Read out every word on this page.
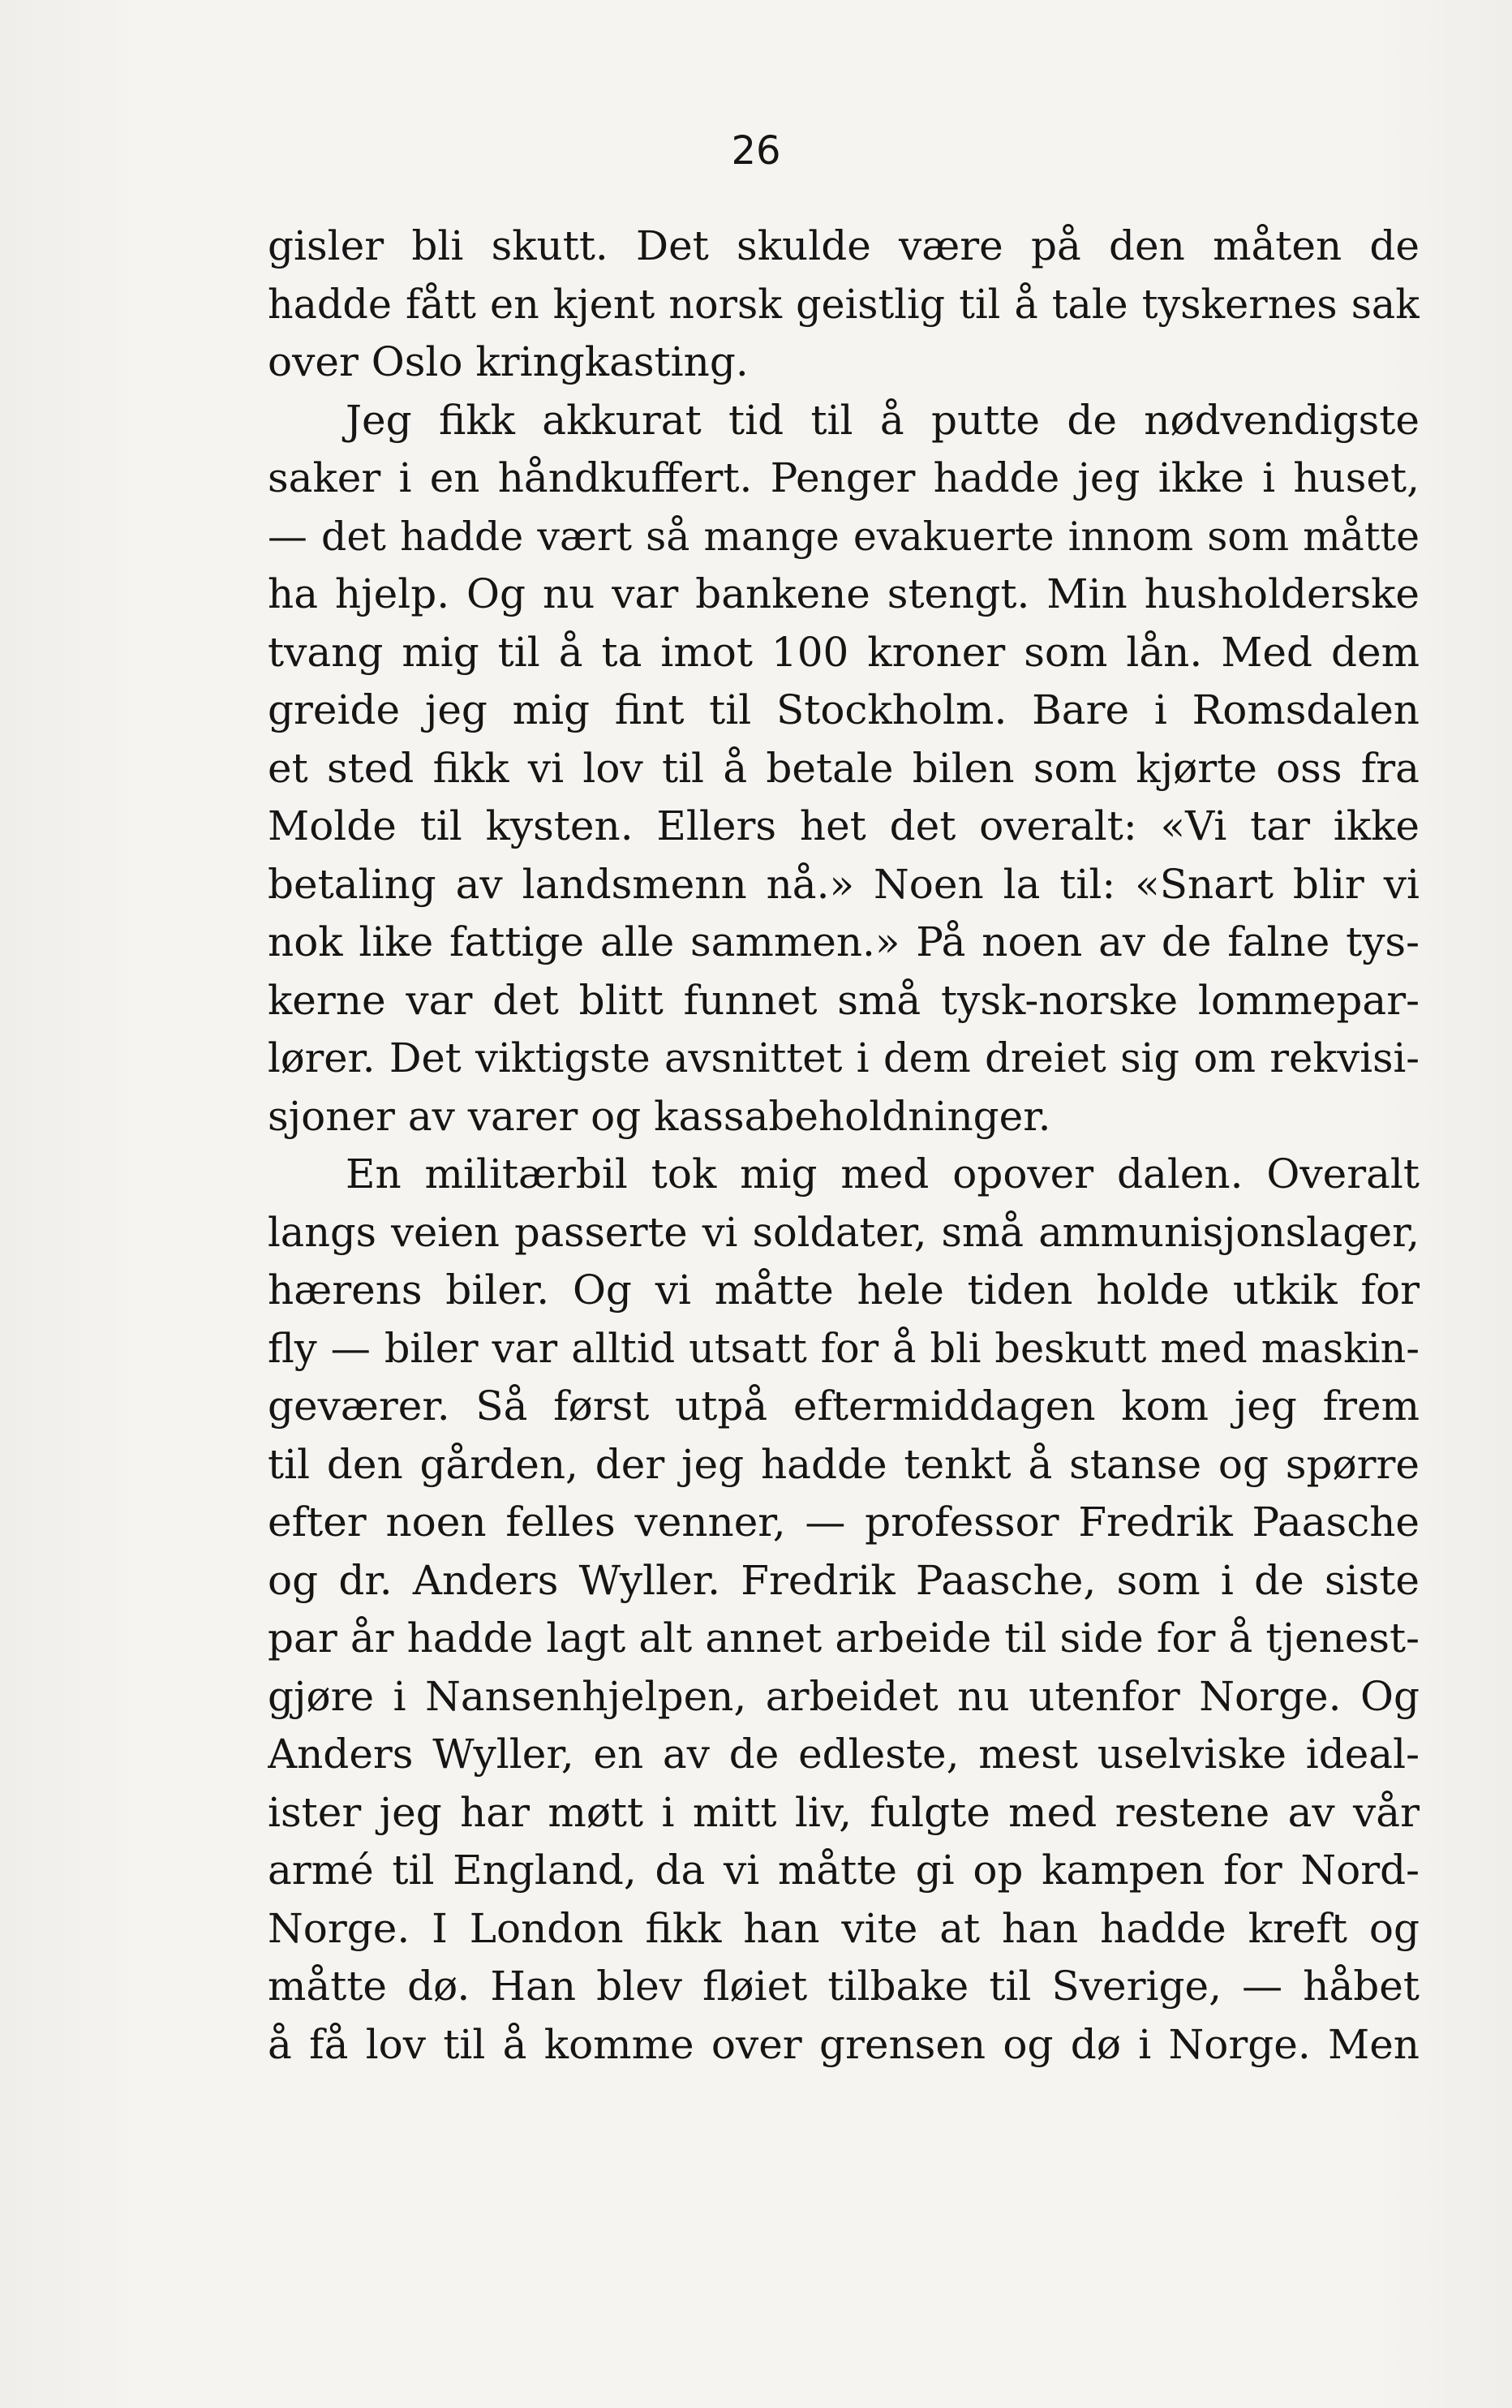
26
gisler bli skutt. Det skulde være på den måten de
hadde fått en kjent norsk geistlig til å tale tyskernes sak
over Oslo kringkasting.
Jeg fikk akkurat tid til å putte de nødvendigste
saker i en håndkuffert. Penger hadde jeg ikke i huset,
— det hadde vært så mange evakuerte innom som måtte
ha hjelp. Og nu var bankene stengt. Min husholderske
tvang mig til å ta imot 100 kroner som lån. Med dem
greide jeg mig fint til Stockholm. Bare i Romsdalen
et sted fikk vi lov til å betale bilen som kjørte oss fra
Molde til kysten. Ellers het det overalt: «Vi tar ikke
betaling av landsmenn nå.» Noen la til: «Snart blir vi
nok like fattige alle sammen.» På noen av de falne tys-
kerne var det blitt funnet små tysk-norske lommepar-
lører. Det viktigste avsnittet i dem dreiet sig om rekvisi-
sjoner av varer og kassabeholdninger.
En militærbil tok mig med opover dalen. Overalt
langs veien passerte vi soldater, små ammunisjonslager,
hærens biler. Og vi måtte hele tiden holde utkik for
fly — biler var alltid utsatt for å bli beskutt med maskin-
geværer. Så først utpå eftermiddagen kom jeg frem
til den gården, der jeg hadde tenkt å stanse og spørre
efter noen felles venner, — professor Fredrik Paasche
og dr. Anders Wyller. Fredrik Paasche, som i de siste
par år hadde lagt alt annet arbeide til side for å tjenest-
gjøre i Nansenhjelpen, arbeidet nu utenfor Norge. Og
Anders Wyller, en av de edleste, mest uselviske ideal-
ister jeg har møtt i mitt liv, fulgte med restene av vår
armé til England, da vi måtte gi op kampen for Nord-
Norge. I London fikk han vite at han hadde kreft og
måtte dø. Han blev fløiet tilbake til Sverige, — håbet
å få lov til å komme over grensen og dø i Norge. Men
